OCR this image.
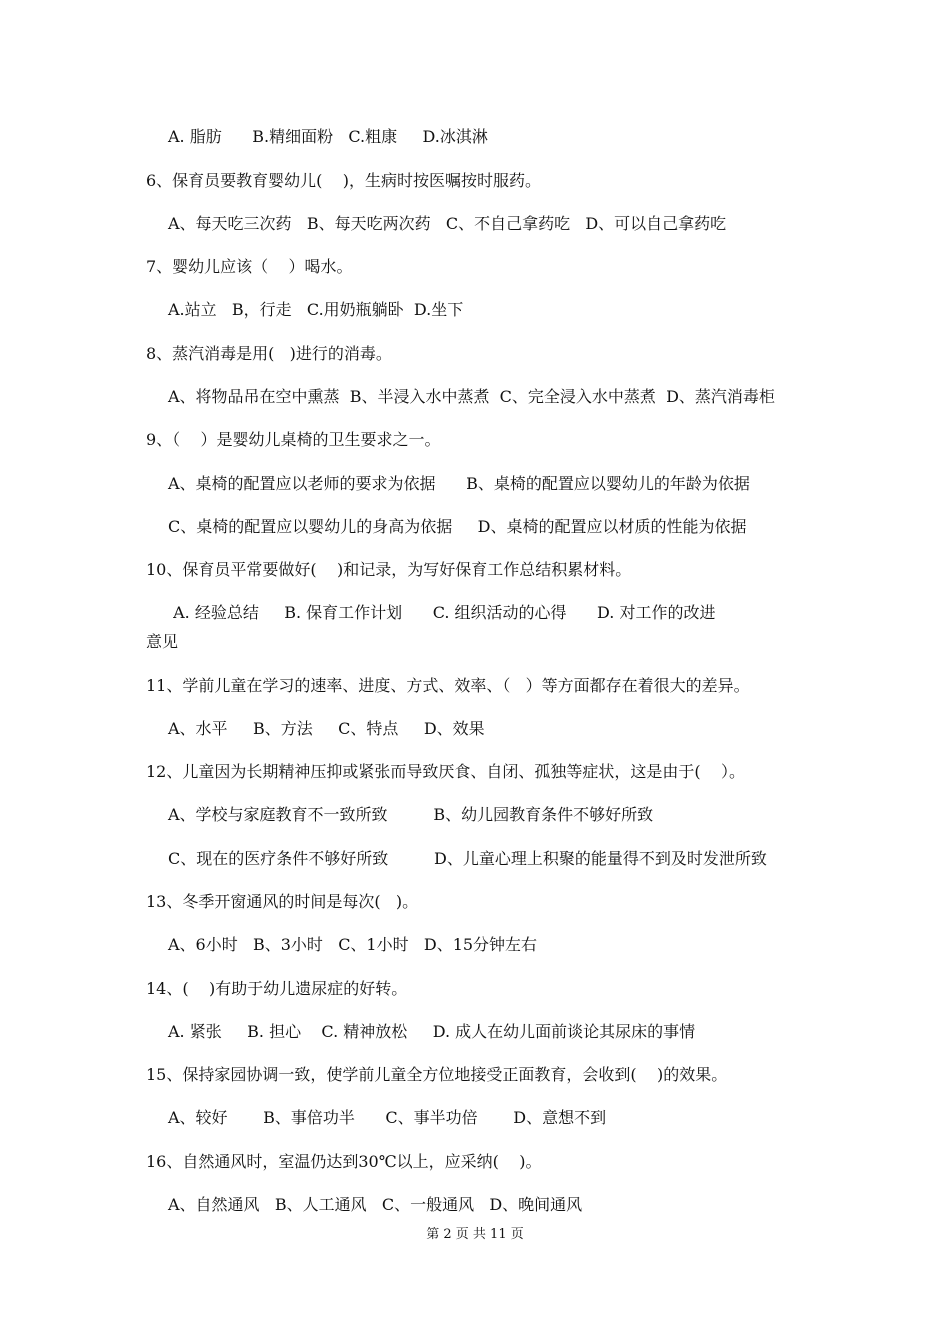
A. 脂肪      B.精细面粉   C.粗康     D.冰淇淋
6、保育员要教育婴幼儿(    )，生病时按医嘱按时服药。
A、每天吃三次药   B、每天吃两次药   C、不自己拿药吃   D、可以自己拿药吃
7、婴幼儿应该（    ）喝水。
A.站立   B，行走   C.用奶瓶躺卧  D.坐下
8、蒸汽消毒是用(   )进行的消毒。
A、将物品吊在空中熏蒸  B、半浸入水中蒸煮  C、完全浸入水中蒸煮  D、蒸汽消毒柜
9、（    ）是婴幼儿桌椅的卫生要求之一。
A、桌椅的配置应以老师的要求为依据      B、桌椅的配置应以婴幼儿的年龄为依据
C、桌椅的配置应以婴幼儿的身高为依据     D、桌椅的配置应以材质的性能为依据
10、保育员平常要做好(    )和记录，为写好保育工作总结积累材料。
A. 经验总结     B. 保育工作计划      C. 组织活动的心得      D. 对工作的改进
意见
11、学前儿童在学习的速率、进度、方式、效率、（   ）等方面都存在着很大的差异。
A、水平     B、方法     C、特点     D、效果
12、儿童因为长期精神压抑或紧张而导致厌食、自闭、孤独等症状，这是由于(    ）。
A、学校与家庭教育不一致所致         B、幼儿园教育条件不够好所致
C、现在的医疗条件不够好所致         D、儿童心理上积聚的能量得不到及时发泄所致
13、冬季开窗通风的时间是每次(   )。
A、6小时   B、3小时   C、1小时   D、15分钟左右
14、(    )有助于幼儿遗尿症的好转。
A. 紧张     B. 担心    C. 精神放松     D. 成人在幼儿面前谈论其尿床的事情
15、保持家园协调一致，使学前儿童全方位地接受正面教育，会收到(    )的效果。
A、较好       B、事倍功半      C、事半功倍       D、意想不到
16、自然通风时，室温仍达到30℃以上，应采纳(    )。
A、自然通风   B、人工通风   C、一般通风   D、晚间通风
第 2 页 共 11 页
